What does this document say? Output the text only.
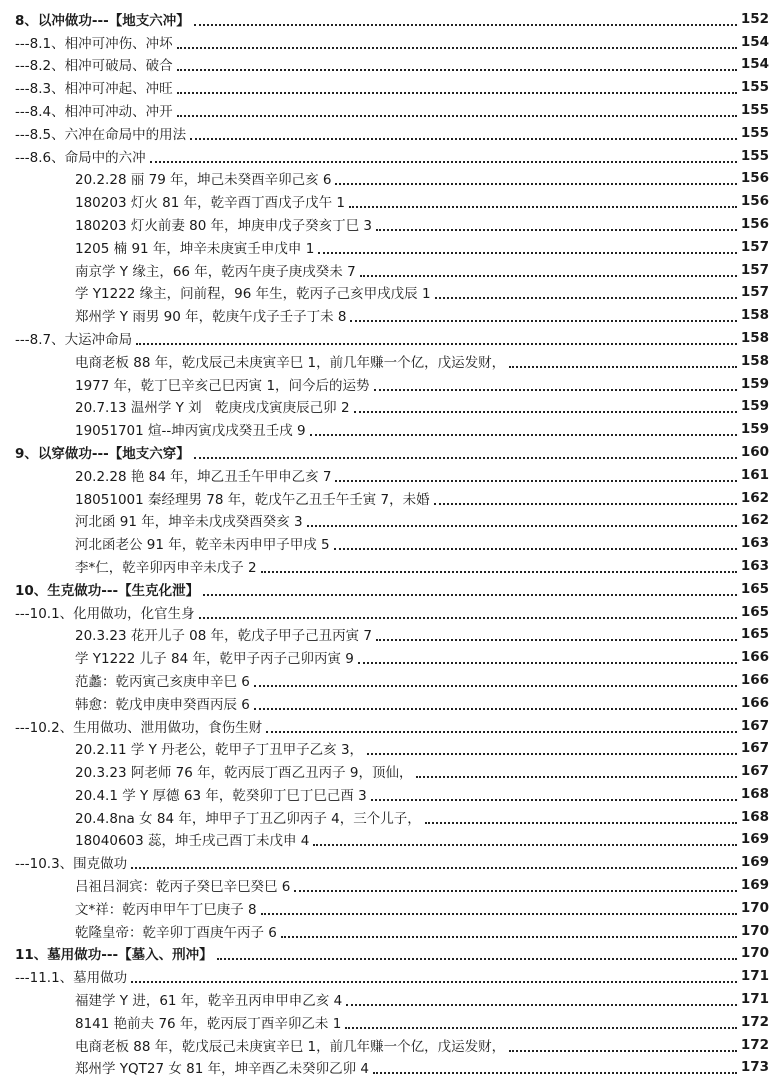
8、以冲做功---【地支六冲】	152
---8.1、相冲可冲伤、冲坏	154
---8.2、相冲可破局、破合	154
---8.3、相冲可冲起、冲旺	155
---8.4、相冲可冲动、冲开	155
---8.5、六冲在命局中的用法	155
---8.6、命局中的六冲	155
20.2.28 丽 79 年，坤己未癸酉辛卯己亥 6	156
180203 灯火 81 年，乾辛酉丁酉戊子戊午 1	156
180203 灯火前妻 80 年，坤庚申戊子癸亥丁巳 3	156
1205 楠 91 年，坤辛未庚寅壬申戊申 1	157
南京学 Y 缘主，66 年，乾丙午庚子庚戌癸未 7	157
学 Y1222 缘主，问前程，96 年生，乾丙子己亥甲戌戊辰 1	157
郑州学 Y 雨男 90 年，乾庚午戊子壬子丁未 8	158
---8.7、大运冲命局	158
电商老板 88 年，乾戊辰己未庚寅辛巳 1，前几年赚一个亿，戊运发财，	158
1977 年，乾丁巳辛亥己巳丙寅 1，问今后的运势	159
20.7.13 温州学 Y 刘　乾庚戌戊寅庚辰己卯 2	159
19051701 煊--坤丙寅戊戌癸丑壬戌 9	159
9、以穿做功---【地支六穿】	160
20.2.28 艳 84 年，坤乙丑壬午甲申乙亥 7	161
18051001 秦经理男 78 年，乾戊午乙丑壬午壬寅 7，未婚	162
河北函 91 年，坤辛未戊戌癸酉癸亥 3	162
河北函老公 91 年，乾辛未丙申甲子甲戌 5	163
李*仁，乾辛卯丙申辛未戊子 2	163
10、生克做功---【生克化泄】	165
---10.1、化用做功，化官生身	165
20.3.23 花开儿子 08 年，乾戊子甲子己丑丙寅 7	165
学 Y1222 儿子 84 年，乾甲子丙子己卯丙寅 9	166
范蠡：乾丙寅己亥庚申辛巳 6	166
韩愈：乾戊申庚申癸酉丙辰 6	166
---10.2、生用做功、泄用做功，食伤生财	167
20.2.11 学 Y 丹老公，乾甲子丁丑甲子乙亥 3，	167
20.3.23 阿老师 76 年，乾丙辰丁酉乙丑丙子 9，顶仙，	167
20.4.1 学 Y 厚德 63 年，乾癸卯丁巳丁巳己酉 3	168
20.4.8na 女 84 年，坤甲子丁丑乙卯丙子 4，三个儿子，	168
18040603 蕊，坤壬戌己酉丁未戊申 4	169
---10.3、围克做功	169
吕祖吕洞宾：乾丙子癸巳辛巳癸巳 6	169
文*祥：乾丙申甲午丁巳庚子 8	170
乾隆皇帝：乾辛卯丁酉庚午丙子 6	170
11、墓用做功---【墓入、刑冲】	170
---11.1、墓用做功	171
福建学 Y 进，61 年，乾辛丑丙申甲申乙亥 4	171
8141 艳前夫 76 年，乾丙辰丁酉辛卯乙未 1	172
电商老板 88 年，乾戊辰己未庚寅辛巳 1，前几年赚一个亿，戊运发财，	172
郑州学 YQT27 女 81 年，坤辛酉乙未癸卯乙卯 4	173
